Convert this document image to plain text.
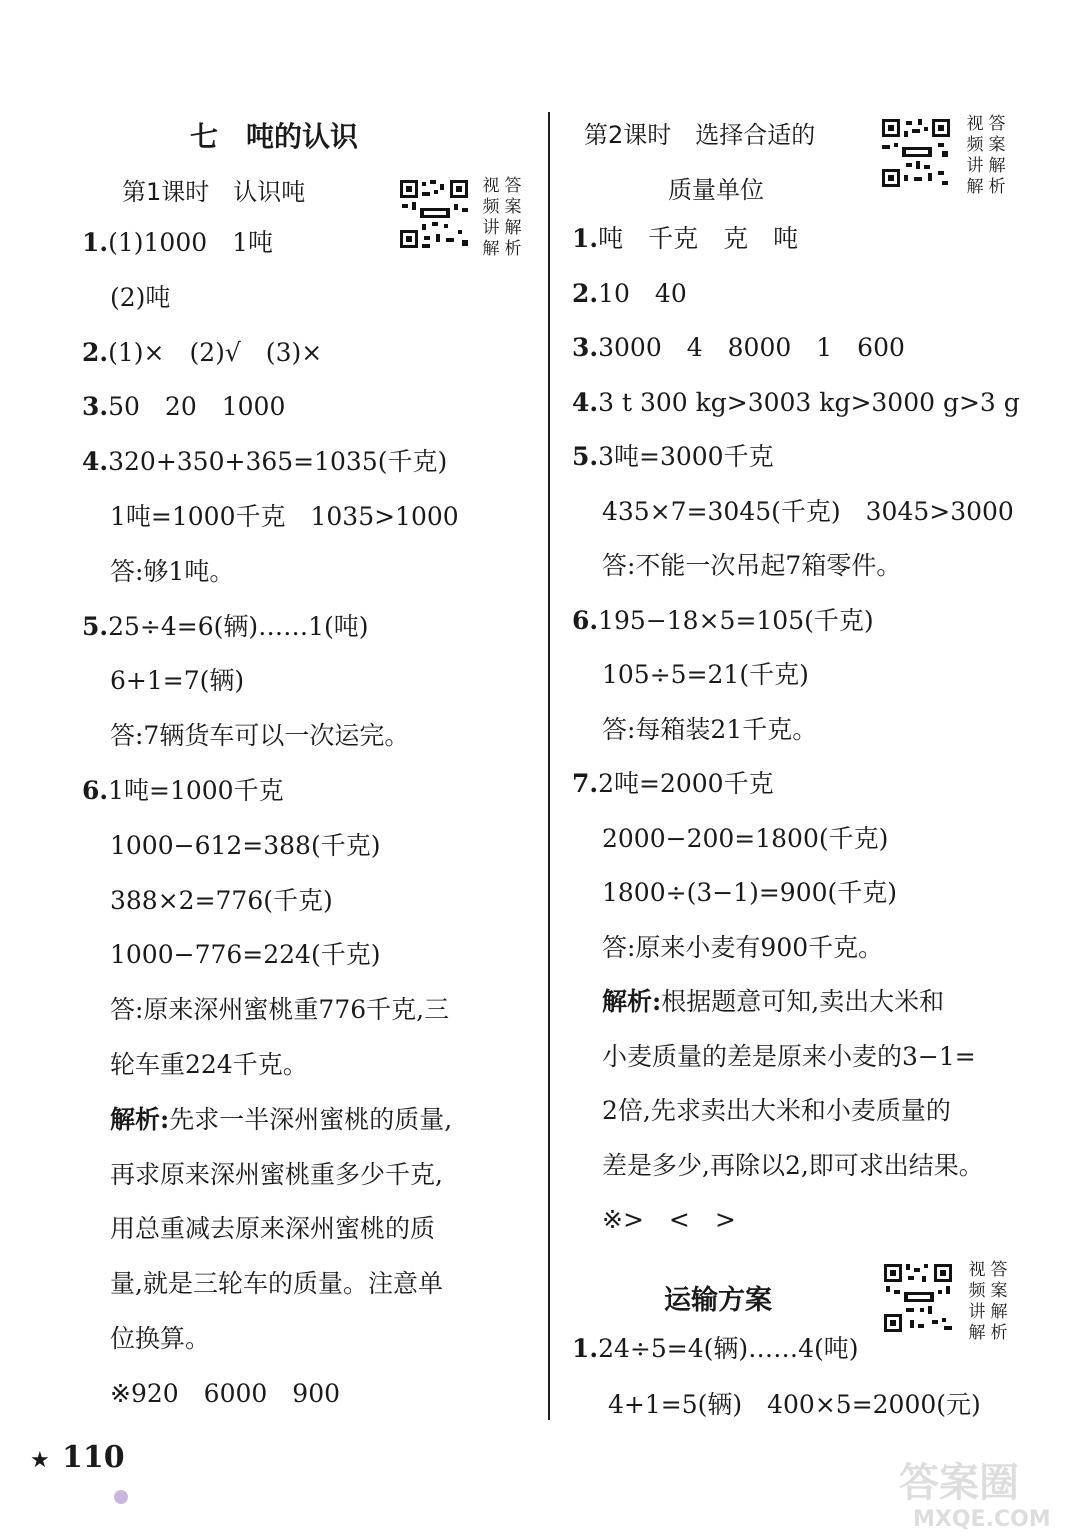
七　吨的认识
第1课时　认识吨	视 答 频 案 讲 解 解 析
1.(1)1000　1吨
(2)吨
2.(1)×　(2)√　(3)×
3.50　20　1000
4.320+350+365=1035(千克)
1吨=1000千克　1035>1000
答:够1吨。
5.25÷4=6(辆)……1(吨)
6+1=7(辆)
答:7辆货车可以一次运完。
6.1吨=1000千克
1000−612=388(千克)
388×2=776(千克)
1000−776=224(千克)
答:原来深州蜜桃重776千克,三
轮车重224千克。
解析:先求一半深州蜜桃的质量,
再求原来深州蜜桃重多少千克,
用总重减去原来深州蜜桃的质
量,就是三轮车的质量。注意单
位换算。
※920　6000　900
第2课时　选择合适的
质量单位
视 答 频 案 讲 解 解 析
1.吨　千克　克　吨
2.10　40
3.3000　4　8000　1　600
4.3 t 300 kg>3003 kg>3000 g>3 g
5.3吨=3000千克
435×7=3045(千克)　3045>3000
答:不能一次吊起7箱零件。
6.195−18×5=105(千克)
105÷5=21(千克)
答:每箱装21千克。
7.2吨=2000千克
2000−200=1800(千克)
1800÷(3−1)=900(千克)
答:原来小麦有900千克。
解析:根据题意可知,卖出大米和
小麦质量的差是原来小麦的3−1=
2倍,先求卖出大米和小麦质量的
差是多少,再除以2,即可求出结果。
※>　<　>
运输方案
视 答 频 案 讲 解 解 析
1.24÷5=4(辆)……4(吨)
4+1=5(辆)　400×5=2000(元)
★ 110
答案圈
MXQE.COM
